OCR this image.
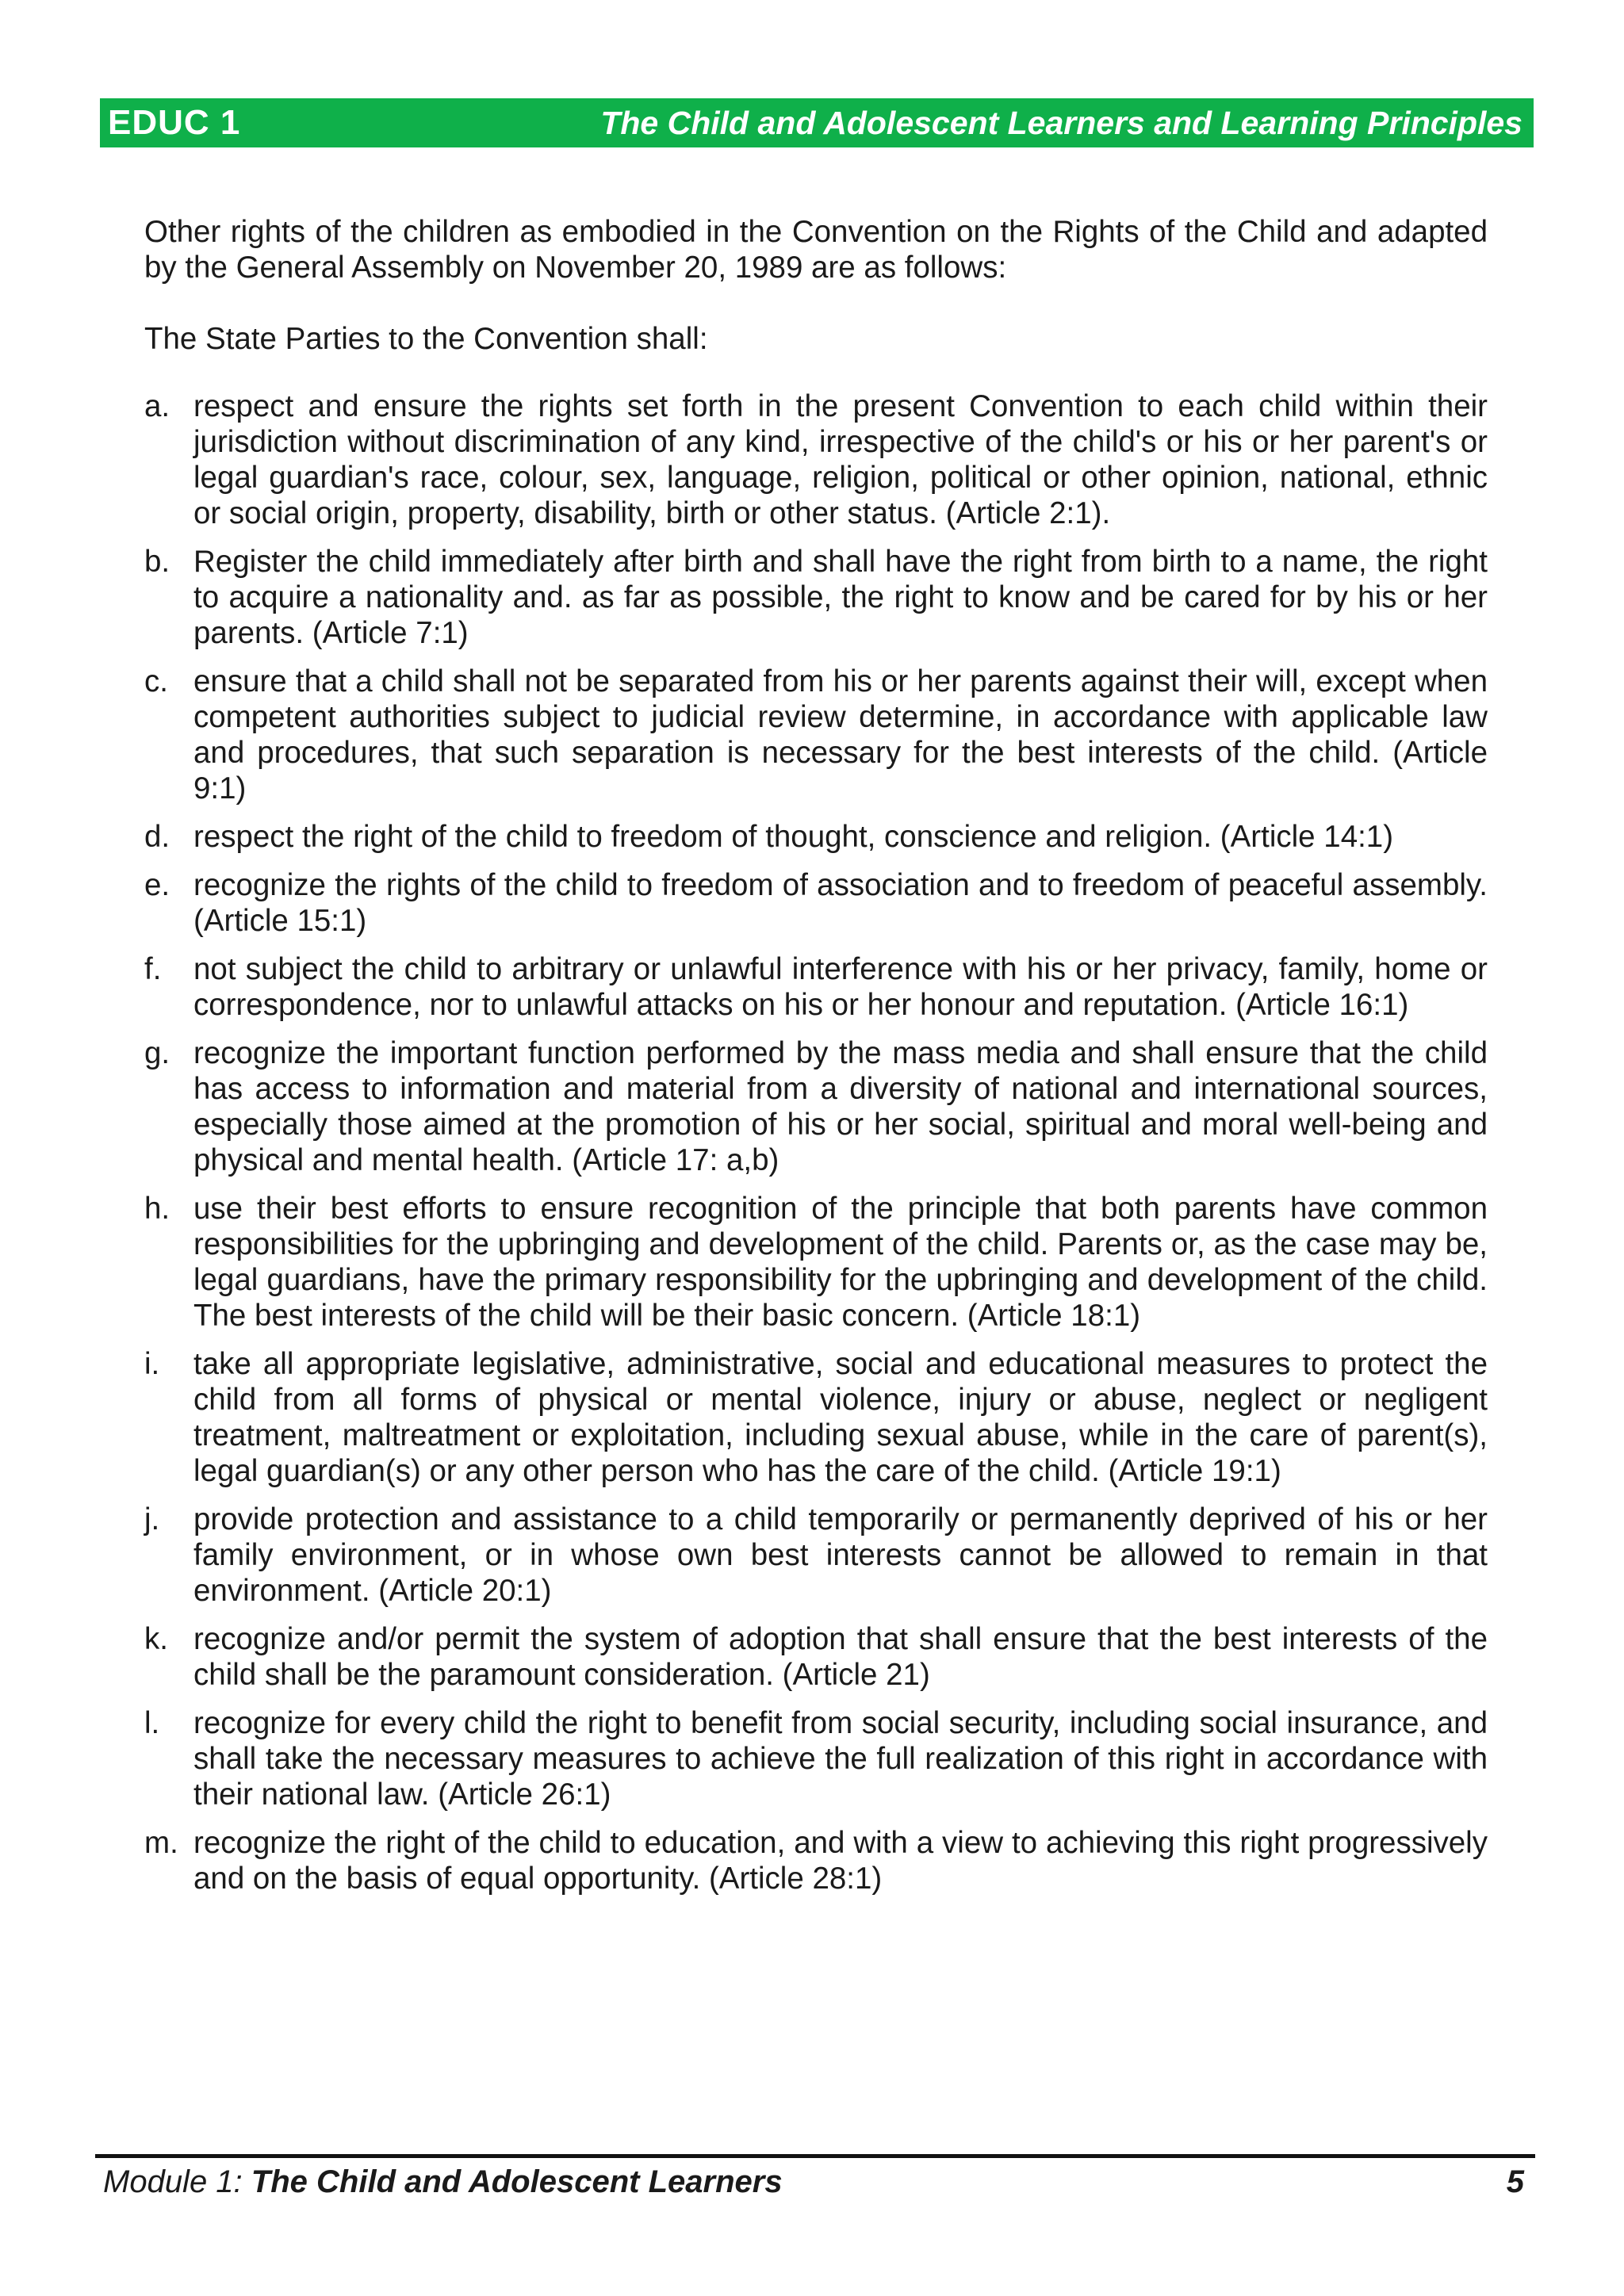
EDUC 1	The Child and Adolescent Learners and Learning Principles

Other rights of the children as embodied in the Convention on the Rights of the Child and adapted by the General Assembly on November 20, 1989 are as follows:

The State Parties to the Convention shall:

a. respect and ensure the rights set forth in the present Convention to each child within their jurisdiction without discrimination of any kind, irrespective of the child's or his or her parent's or legal guardian's race, colour, sex, language, religion, political or other opinion, national, ethnic or social origin, property, disability, birth or other status. (Article 2:1).
b. Register the child immediately after birth and shall have the right from birth to a name, the right to acquire a nationality and. as far as possible, the right to know and be cared for by his or her parents. (Article 7:1)
c. ensure that a child shall not be separated from his or her parents against their will, except when competent authorities subject to judicial review determine, in accordance with applicable law and procedures, that such separation is necessary for the best interests of the child. (Article 9:1)
d. respect the right of the child to freedom of thought, conscience and religion. (Article 14:1)
e. recognize the rights of the child to freedom of association and to freedom of peaceful assembly.(Article 15:1)
f.	not subject the child to arbitrary or unlawful interference with his or her privacy, family, home or correspondence, nor to unlawful attacks on his or her honour and reputation. (Article 16:1)
g. recognize the important function performed by the mass media and shall ensure that the child has access to information and material from a diversity of national and international sources, especially those aimed at the promotion of his or her social, spiritual and moral well-being and physical and mental health. (Article 17: a,b)
h. use their best efforts to ensure recognition of the principle that both parents have common responsibilities for the upbringing and development of the child. Parents or, as the case may be, legal guardians, have the primary responsibility for the upbringing and development of the child. The best interests of the child will be their basic concern. (Article 18:1)
i.	take all appropriate legislative, administrative, social and educational measures to protect the child from all forms of physical or mental violence, injury or abuse, neglect or negligent treatment, maltreatment or exploitation, including sexual abuse, while in the care of parent(s), legal guardian(s) or any other person who has the care of the child. (Article 19:1)
j.	provide protection and assistance to a child temporarily or permanently deprived of his or her family environment, or in whose own best interests cannot be allowed to remain in that environment. (Article 20:1)
k. recognize and/or permit the system of adoption that shall ensure that the best interests of the child shall be the paramount consideration. (Article 21)
l.	recognize for every child the right to benefit from social security, including social insurance, and shall take the necessary measures to achieve the full realization of this right in accordance with their national law. (Article 26:1)
m. recognize the right of the child to education, and with a view to achieving this right progressively and on the basis of equal opportunity. (Article 28:1)
Module 1: The Child and Adolescent Learners	5
